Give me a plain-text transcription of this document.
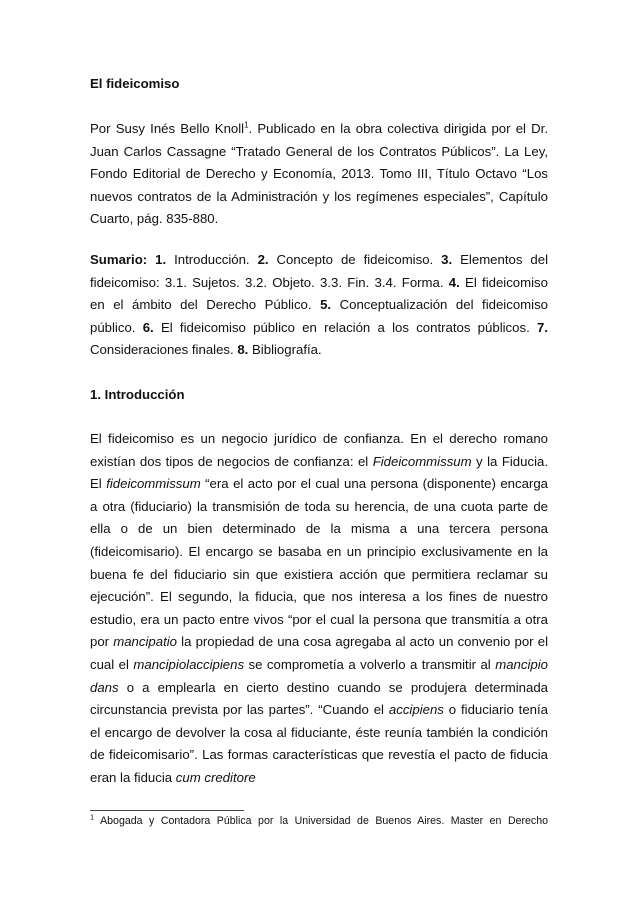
El fideicomiso

Por Susy Inés Bello Knoll$^1$. Publicado en la obra colectiva dirigida por el Dr. Juan Carlos Cassagne “Tratado General de los Contratos Públicos”. La Ley, Fondo Editorial de Derecho y Economía, 2013. Tomo III, Título Octavo “Los nuevos contratos de la Administración y los regímenes especiales”, Capítulo Cuarto, pág. 835-880.

Sumario: 1. Introducción. 2. Concepto de fideicomiso. 3. Elementos del fideicomiso: 3.1. Sujetos. 3.2. Objeto. 3.3. Fin. 3.4. Forma. 4. El fideicomiso en el ámbito del Derecho Público. 5. Conceptualización del fideicomiso público. 6. El fideicomiso público en relación a los contratos públicos. 7. Consideraciones finales. 8. Bibliografía.

1. Introducción

El fideicomiso es un negocio jurídico de confianza. En el derecho romano existían dos tipos de negocios de confianza: el Fideicommissum y la Fiducia. El fideicommissum “era el acto por el cual una persona (disponente) encarga a otra (fiduciario) la transmisión de toda su herencia, de una cuota parte de ella o de un bien determinado de la misma a una tercera persona (fideicomisario). El encargo se basaba en un principio exclusivamente en la buena fe del fiduciario sin que existiera acción que permitiera reclamar su ejecución”. El segundo, la fiducia, que nos interesa a los fines de nuestro estudio, era un pacto entre vivos “por el cual la persona que transmitía a otra por mancipatio la propiedad de una cosa agregaba al acto un convenio por el cual el mancipiolaccipiens se comprometía a volverlo a transmitir al mancipio dans o a emplearla en cierto destino cuando se produjera determinada circunstancia prevista por las partes”. “Cuando el accipiens o fiduciario tenía el encargo de devolver la cosa al fiduciante, éste reunía también la condición de fideicomisario”. Las formas características que revestía el pacto de fiducia eran la fiducia cum creditore

$^1$ Abogada y Contadora Pública por la Universidad de Buenos Aires. Master en Derecho
